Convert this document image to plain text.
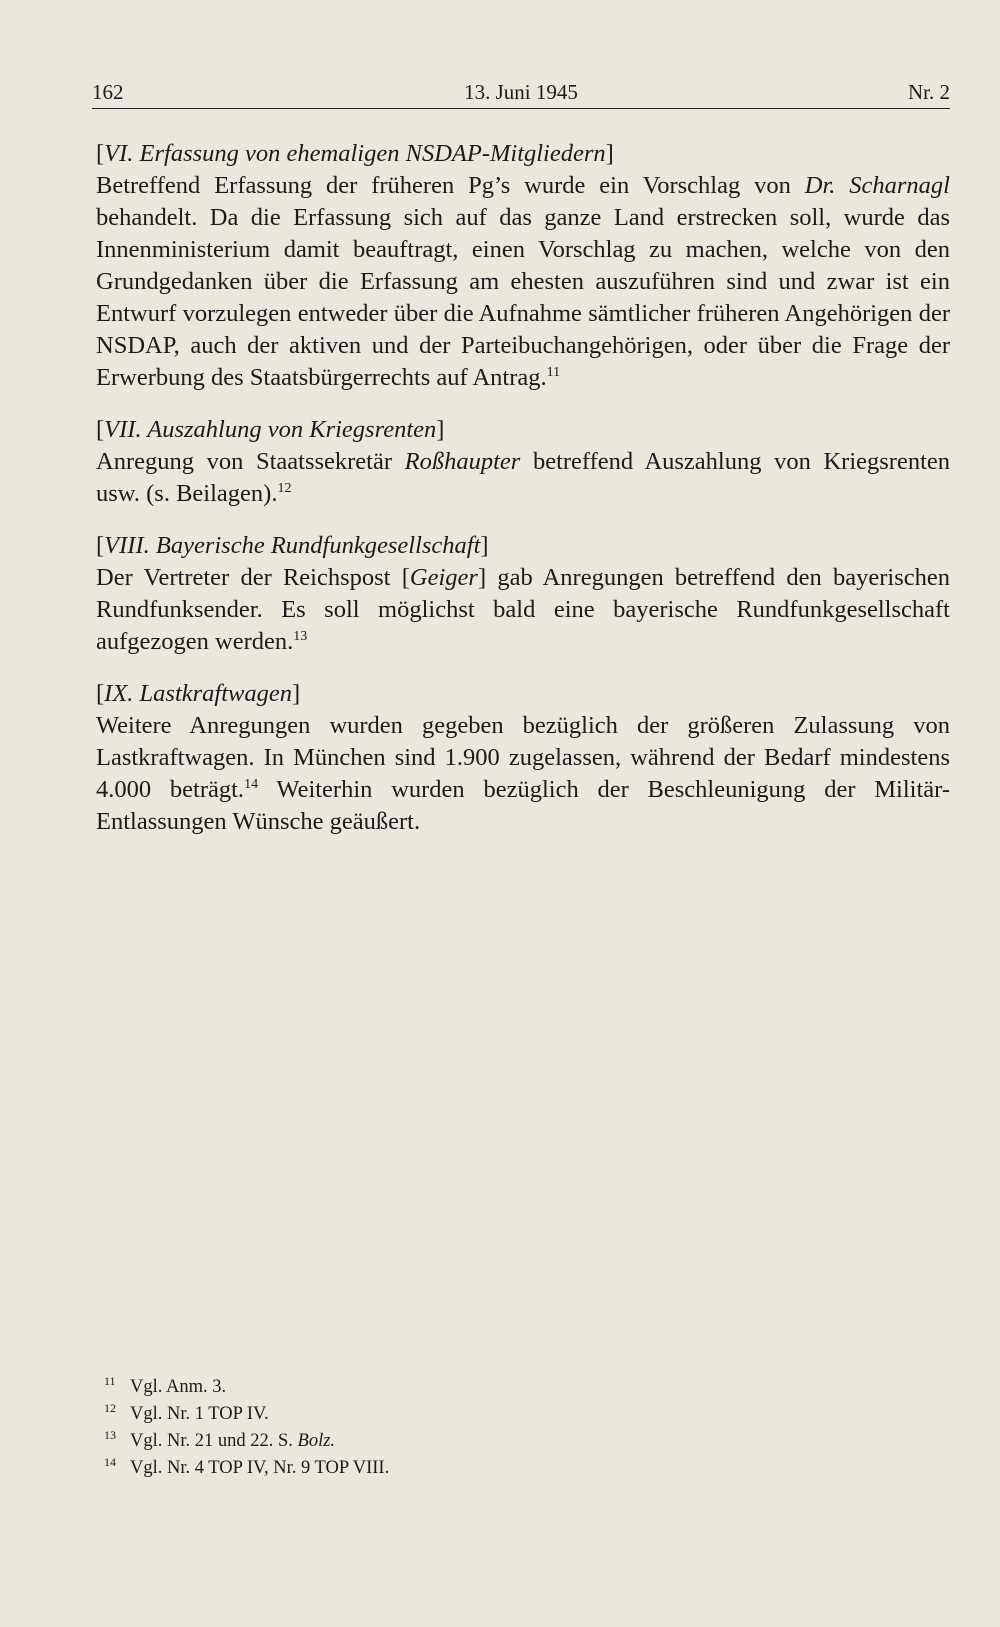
162	13. Juni 1945	Nr. 2

[VI. Erfassung von ehemaligen NSDAP-Mitgliedern]

Betreffend Erfassung der früheren Pg’s wurde ein Vorschlag von Dr. Scharnagl behandelt. Da die Erfassung sich auf das ganze Land erstrecken soll, wurde das Innenministerium damit beauftragt, einen Vorschlag zu machen, welche von den Grundgedanken über die Erfassung am ehesten auszuführen sind und zwar ist ein Entwurf vorzulegen entweder über die Aufnahme sämtlicher früheren Angehörigen der NSDAP, auch der aktiven und der Parteibuchangehörigen, oder über die Frage der Erwerbung des Staatsbürgerrechts auf Antrag.$^{11}$

[VII. Auszahlung von Kriegsrenten]

Anregung von Staatssekretär Roßhaupter betreffend Auszahlung von Kriegsrenten usw. (s. Beilagen).$^{12}$

[VIII. Bayerische Rundfunkgesellschaft]

Der Vertreter der Reichspost [Geiger] gab Anregungen betreffend den bayerischen Rundfunksender. Es soll möglichst bald eine bayerische Rundfunkgesellschaft aufgezogen werden.$^{13}$

[IX. Lastkraftwagen]

Weitere Anregungen wurden gegeben bezüglich der größeren Zulassung von Lastkraftwagen. In München sind 1.900 zugelassen, während der Bedarf mindestens 4.000 beträgt.$^{14}$ Weiterhin wurden bezüglich der Beschleunigung der Militär-Entlassungen Wünsche geäußert.

11 Vgl. Anm. 3.
12 Vgl. Nr. 1 TOP IV.
13 Vgl. Nr. 21 und 22. S. Bolz.
14 Vgl. Nr. 4 TOP IV, Nr. 9 TOP VIII.
